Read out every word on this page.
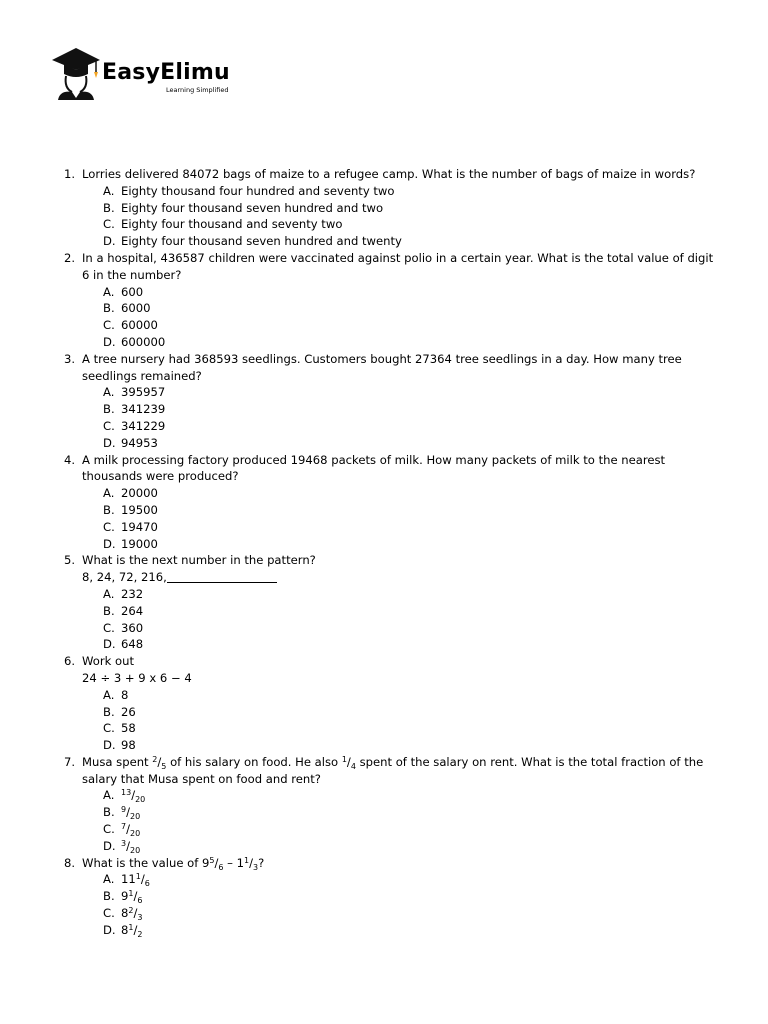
EasyElimu
Learning Simplified
1. Lorries delivered 84072 bags of maize to a refugee camp. What is the number of bags of maize in words?
A. Eighty thousand four hundred and seventy two
B. Eighty four thousand seven hundred and two
C. Eighty four thousand and seventy two
D. Eighty four thousand seven hundred and twenty
2. In a hospital, 436587 children were vaccinated against polio in a certain year. What is the total value of digit
6 in the number?
A. 600
B. 6000
C. 60000
D. 600000
3. A tree nursery had 368593 seedlings. Customers bought 27364 tree seedlings in a day. How many tree
seedlings remained?
A. 395957
B. 341239
C. 341229
D. 94953
4. A milk processing factory produced 19468 packets of milk. How many packets of milk to the nearest
thousands were produced?
A. 20000
B. 19500
C. 19470
D. 19000
5. What is the next number in the pattern?
8, 24, 72, 216,
A. 232
B. 264
C. 360
D. 648
6. Work out
24 ÷ 3 + 9 x 6 − 4
A. 8
B. 26
C. 58
D. 98
7. Musa spent $^2/_5$ of his salary on food. He also $^1/_4$ spent of the salary on rent. What is the total fraction of the
salary that Musa spent on food and rent?
A. $^{13}/_{20}$
B. $^9/_{20}$
C. $^7/_{20}$
D. $^3/_{20}$
8. What is the value of $9^5/_6 - 1^1/_3$?
A. $11^1/_6$
B. $9^1/_6$
C. $8^2/_3$
D. $8^1/_2$
